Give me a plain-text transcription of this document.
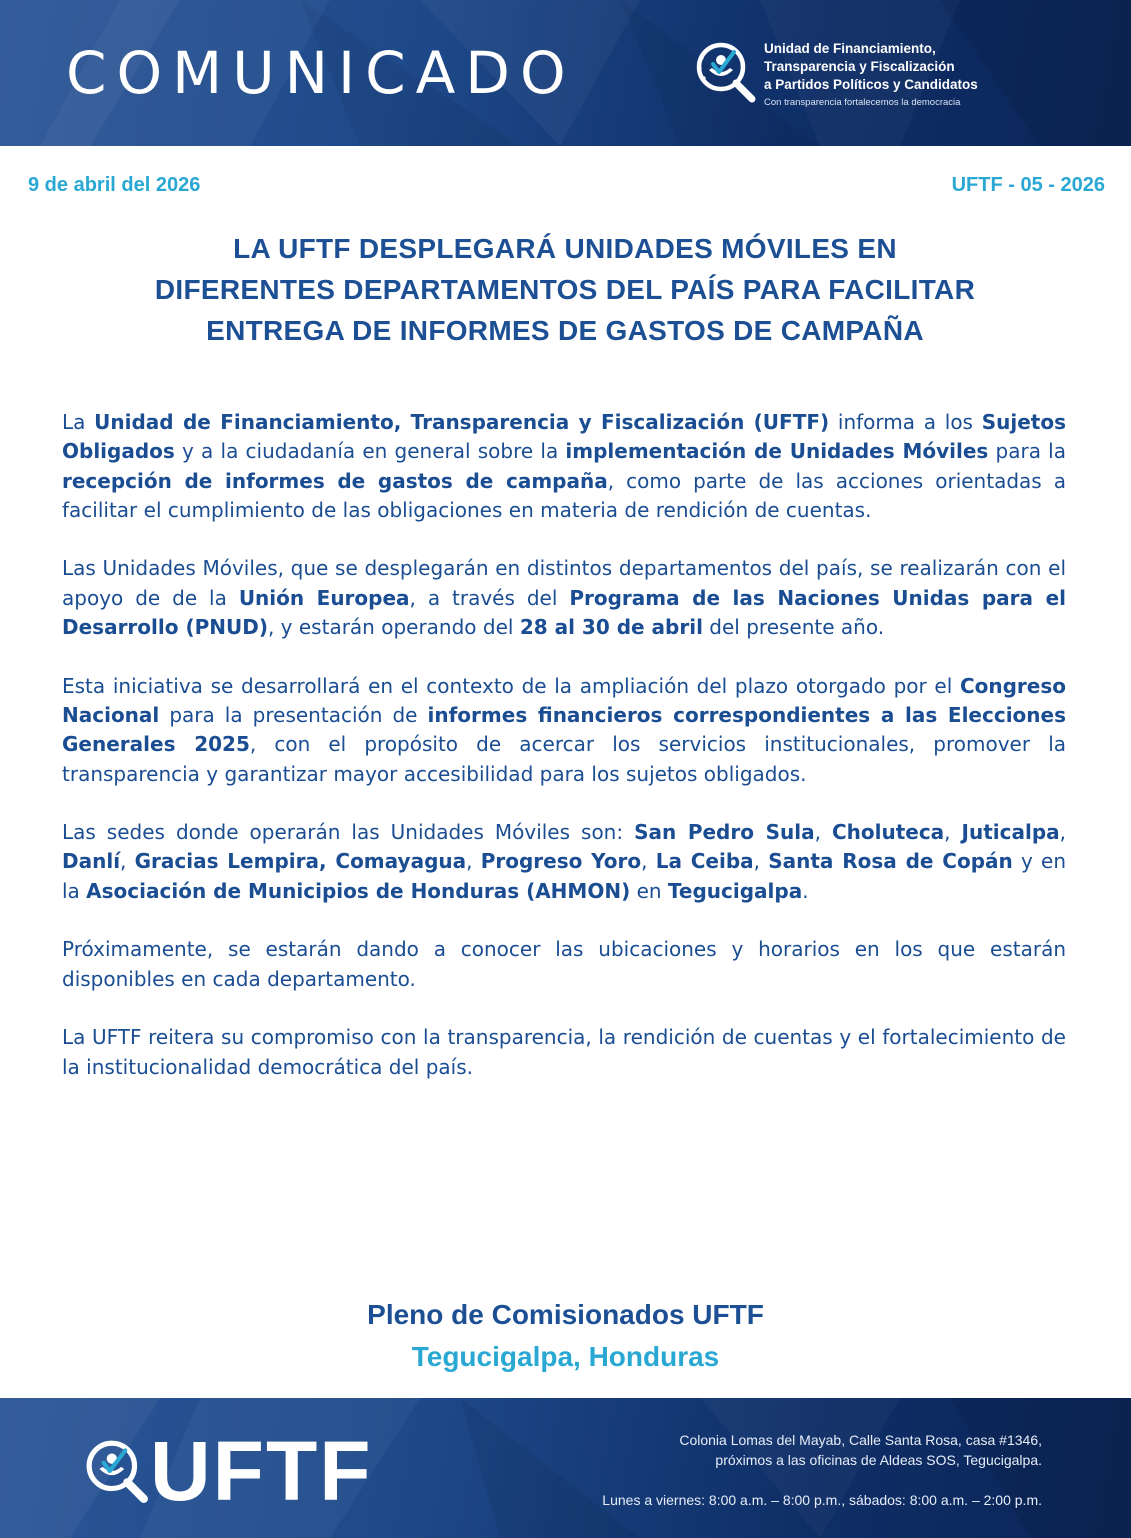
COMUNICADO	Unidad de Financiamiento,
Transparencia y Fiscalización
a Partidos Políticos y Candidatos
Con transparencia fortalecemos la democracia
9 de abril del 2026	UFTF - 05 - 2026
LA UFTF DESPLEGARÁ UNIDADES MÓVILES EN
DIFERENTES DEPARTAMENTOS DEL PAÍS PARA FACILITAR
ENTREGA DE INFORMES DE GASTOS DE CAMPAÑA

La Unidad de Financiamiento, Transparencia y Fiscalización (UFTF) informa a los Sujetos Obligados y a la ciudadanía en general sobre la implementación de Unidades Móviles para la recepción de informes de gastos de campaña, como parte de las acciones orientadas a facilitar el cumplimiento de las obligaciones en materia de rendición de cuentas.

Las Unidades Móviles, que se desplegarán en distintos departamentos del país, se realizarán con el apoyo de de la Unión Europea, a través del Programa de las Naciones Unidas para el Desarrollo (PNUD), y estarán operando del 28 al 30 de abril del presente año.

Esta iniciativa se desarrollará en el contexto de la ampliación del plazo otorgado por el Congreso Nacional para la presentación de informes financieros correspondientes a las Elecciones Generales 2025, con el propósito de acercar los servicios institucionales, promover la transparencia y garantizar mayor accesibilidad para los sujetos obligados.

Las sedes donde operarán las Unidades Móviles son: San Pedro Sula, Choluteca, Juticalpa, Danlí, Gracias Lempira, Comayagua, Progreso Yoro, La Ceiba, Santa Rosa de Copán y en la Asociación de Municipios de Honduras (AHMON) en Tegucigalpa.

Próximamente, se estarán dando a conocer las ubicaciones y horarios en los que estarán disponibles en cada departamento.

La UFTF reitera su compromiso con la transparencia, la rendición de cuentas y el fortalecimiento de la institucionalidad democrática del país.

Pleno de Comisionados UFTF
Tegucigalpa, Honduras
UFTF	Colonia Lomas del Mayab, Calle Santa Rosa, casa #1346,
próximos a las oficinas de Aldeas SOS, Tegucigalpa.
Lunes a viernes: 8:00 a.m. – 8:00 p.m., sábados: 8:00 a.m. – 2:00 p.m.
